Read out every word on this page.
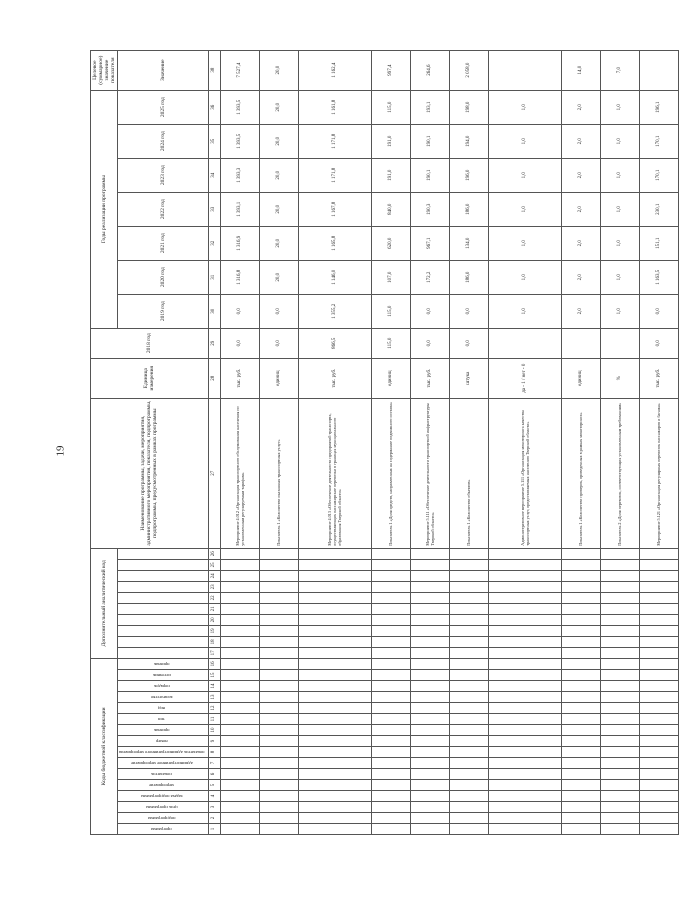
19
Коды бюджетной классификации																Дополнительный аналитический код										Наименование программы, задачи, мероприятия, административного мероприятия, показателя, подпрограммы, подпрограммы, предусмотренных в рамках программы	Единица измерения	2018 год	Годы реализации программы							Целевое (суммарное) значение показателя
программа	подпрограмма	цель программы	задача подпрограммы	мероприятие	показатель	административное мероприятие	показатель административного мероприятия	номер	признак	тип	вид	количество	порядок	источник	признак														2019 год	2020 год	2021 год	2022 год	2023 год	2024 год	2025 год	Значение
1	2	3	4	5	6	7	8	9	10	11	12	13	14	15	16	17	18	19	20	21	22	23	24	25	26	27	28	29	30	31	32	33	34	35	36	38
																										Мероприятие 4.012 «Организация транспортного обслуживания населения по установленным регулируемым тарифам»	тыс. руб.	0,0	0,0	1 316,8	1 316,9	1 393,1	1 393,3	1 393,5	1 393,5	7 527,4
																										Показатель 1 «Количество оказанных транспортных услуг»	единиц	0,0	0,0	20,0	20,0	20,0	20,0	20,0	20,0	20,0
																										Мероприятие 4.013 «Обеспечение деятельности предприятий транспорта, осуществляющих пассажирские перевозки в границах муниципального образования Тверской области»	тыс. руб.	866,5	1 355,2	1 146,0	1 165,8	1 167,8	1 171,8	1 171,8	1 161,8	1 162,4
																										Показатель 1 «Доля средств, направленных на содержание подвижного состава»	единиц	115,0	115,0	107,0	620,0	840,0	191,0	191,0	115,0	997,4
																										Мероприятие 5.111 «Обеспечение деятельности транспортной инфраструктуры Тверской области»	тыс. руб.	0,0	0,0	172,2	967,1	190,3	190,1	190,1	193,1	264,6
																										Показатель 1 «Количество объектов»	штука	0,0	0,0	186,0	134,0	186,0	196,0	194,0	198,0	2 058,0
																										Административное мероприятие 5.111 «Организация мониторинга качества транспортных услуг, предоставляемых населению Тверской области»	да - 1 / нет - 0		1,0	1,0	1,0	1,0	1,0	1,0	1,0	
																										Показатель 1 «Количество проверок, проведенных в рамках мониторинга»	единиц		2,0	2,0	2,0	2,0	2,0	2,0	2,0	14,0
																										Показатель 2 «Доля перевозок, соответствующих установленным требованиям»	%		1,0	1,0	1,0	1,0	1,0	1,0	1,0	7,0
																										Мероприятие 5.121 «Организация регулярных перевозок пассажиров и багажа»	тыс. руб.	0,0	0,0	1 163,5	151,1	230,1	170,1	170,1	196,1	
